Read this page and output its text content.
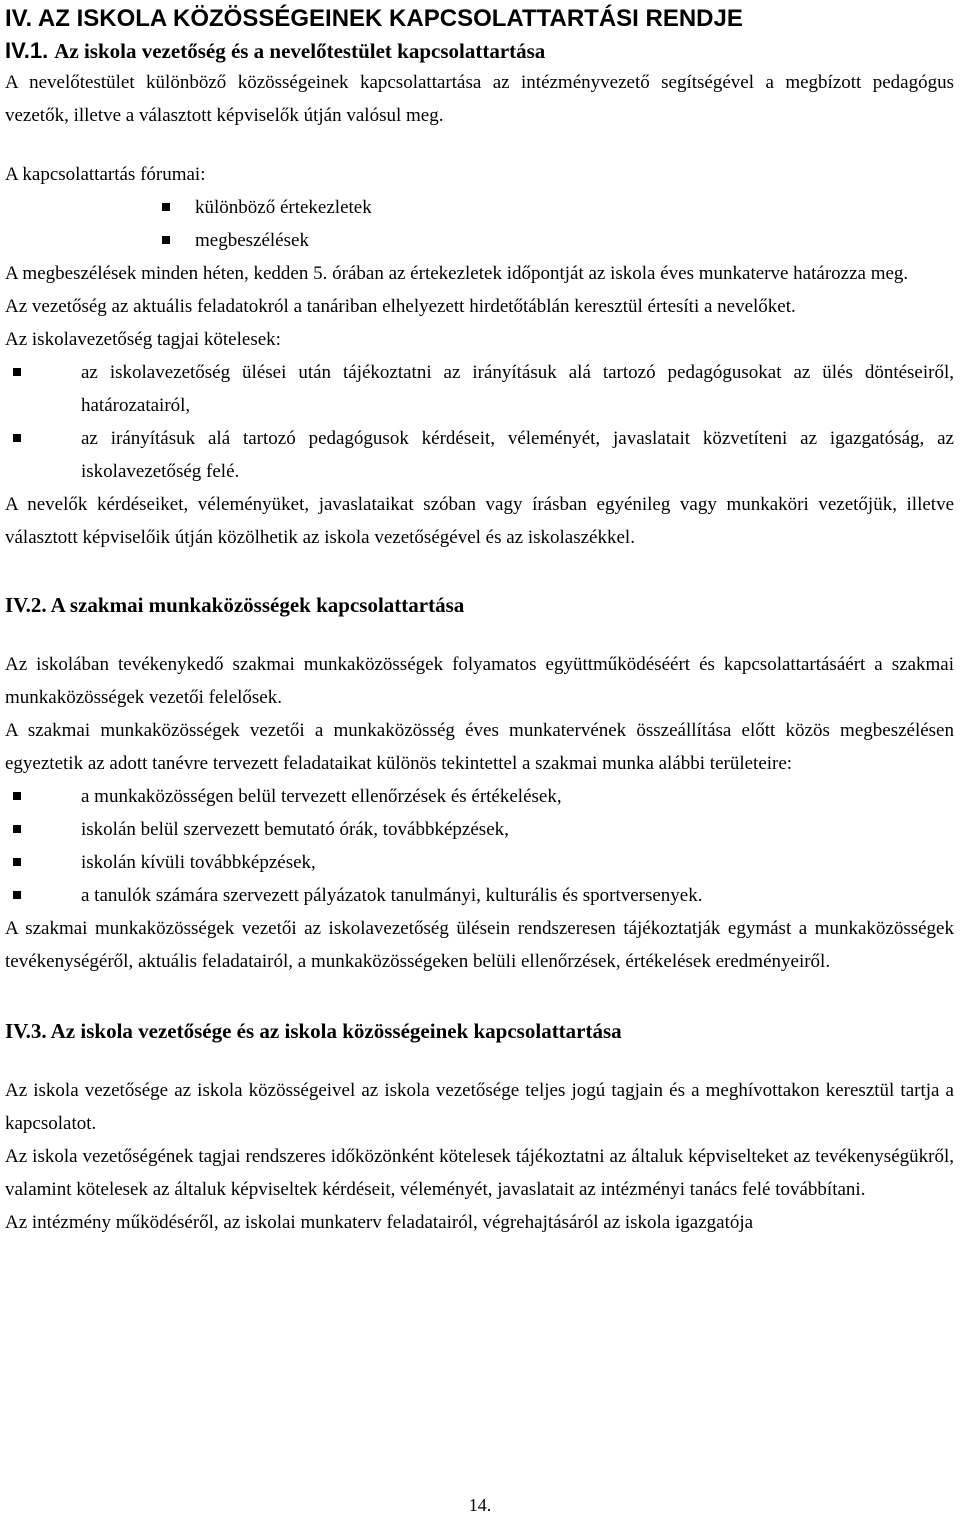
IV. AZ ISKOLA KÖZÖSSÉGEINEK KAPCSOLATTARTÁSI RENDJE
IV.1. Az iskola vezetőség és a nevelőtestület kapcsolattartása

A nevelőtestület különböző közösségeinek kapcsolattartása az intézményvezető segítségével a megbízott pedagógus vezetők, illetve a választott képviselők útján valósul meg.

A kapcsolattartás fórumai:

különböző értekezletek
megbeszélések

A megbeszélések minden héten, kedden 5. órában az értekezletek időpontját az iskola éves munkaterve határozza meg.

Az vezetőség az aktuális feladatokról a tanáriban elhelyezett hirdetőtáblán keresztül értesíti a nevelőket.

Az iskolavezetőség tagjai kötelesek:

az iskolavezetőség ülései után tájékoztatni az irányításuk alá tartozó pedagógusokat az ülés döntéseiről, határozatairól,
az irányításuk alá tartozó pedagógusok kérdéseit, véleményét, javaslatait közvetíteni az igazgatóság, az iskolavezetőség felé.

A nevelők kérdéseiket, véleményüket, javaslataikat szóban vagy írásban egyénileg vagy munkaköri vezetőjük, illetve választott képviselőik útján közölhetik az iskola vezetőségével és az iskolaszékkel.

IV.2. A szakmai munkaközösségek kapcsolattartása

Az iskolában tevékenykedő szakmai munkaközösségek folyamatos együttműködéséért és kapcsolattartásáért a szakmai munkaközösségek vezetői felelősek.

A szakmai munkaközösségek vezetői a munkaközösség éves munkatervének összeállítása előtt közös megbeszélésen egyeztetik az adott tanévre tervezett feladataikat különös tekintettel a szakmai munka alábbi területeire:

a munkaközösségen belül tervezett ellenőrzések és értékelések,
iskolán belül szervezett bemutató órák, továbbképzések,
iskolán kívüli továbbképzések,
a tanulók számára szervezett pályázatok tanulmányi, kulturális és sportversenyek.

A szakmai munkaközösségek vezetői az iskolavezetőség ülésein rendszeresen tájékoztatják egymást a munkaközösségek tevékenységéről, aktuális feladatairól, a munkaközösségeken belüli ellenőrzések, értékelések eredményeiről.

IV.3. Az iskola vezetősége és az iskola közösségeinek kapcsolattartása

Az iskola vezetősége az iskola közösségeivel az iskola vezetősége teljes jogú tagjain és a meghívottakon keresztül tartja a kapcsolatot.

Az iskola vezetőségének tagjai rendszeres időközönként kötelesek tájékoztatni az általuk képviselteket az tevékenységükről, valamint kötelesek az általuk képviseltek kérdéseit, véleményét, javaslatait az intézményi tanács felé továbbítani.

Az intézmény működéséről, az iskolai munkaterv feladatairól, végrehajtásáról az iskola igazgatója

14.
